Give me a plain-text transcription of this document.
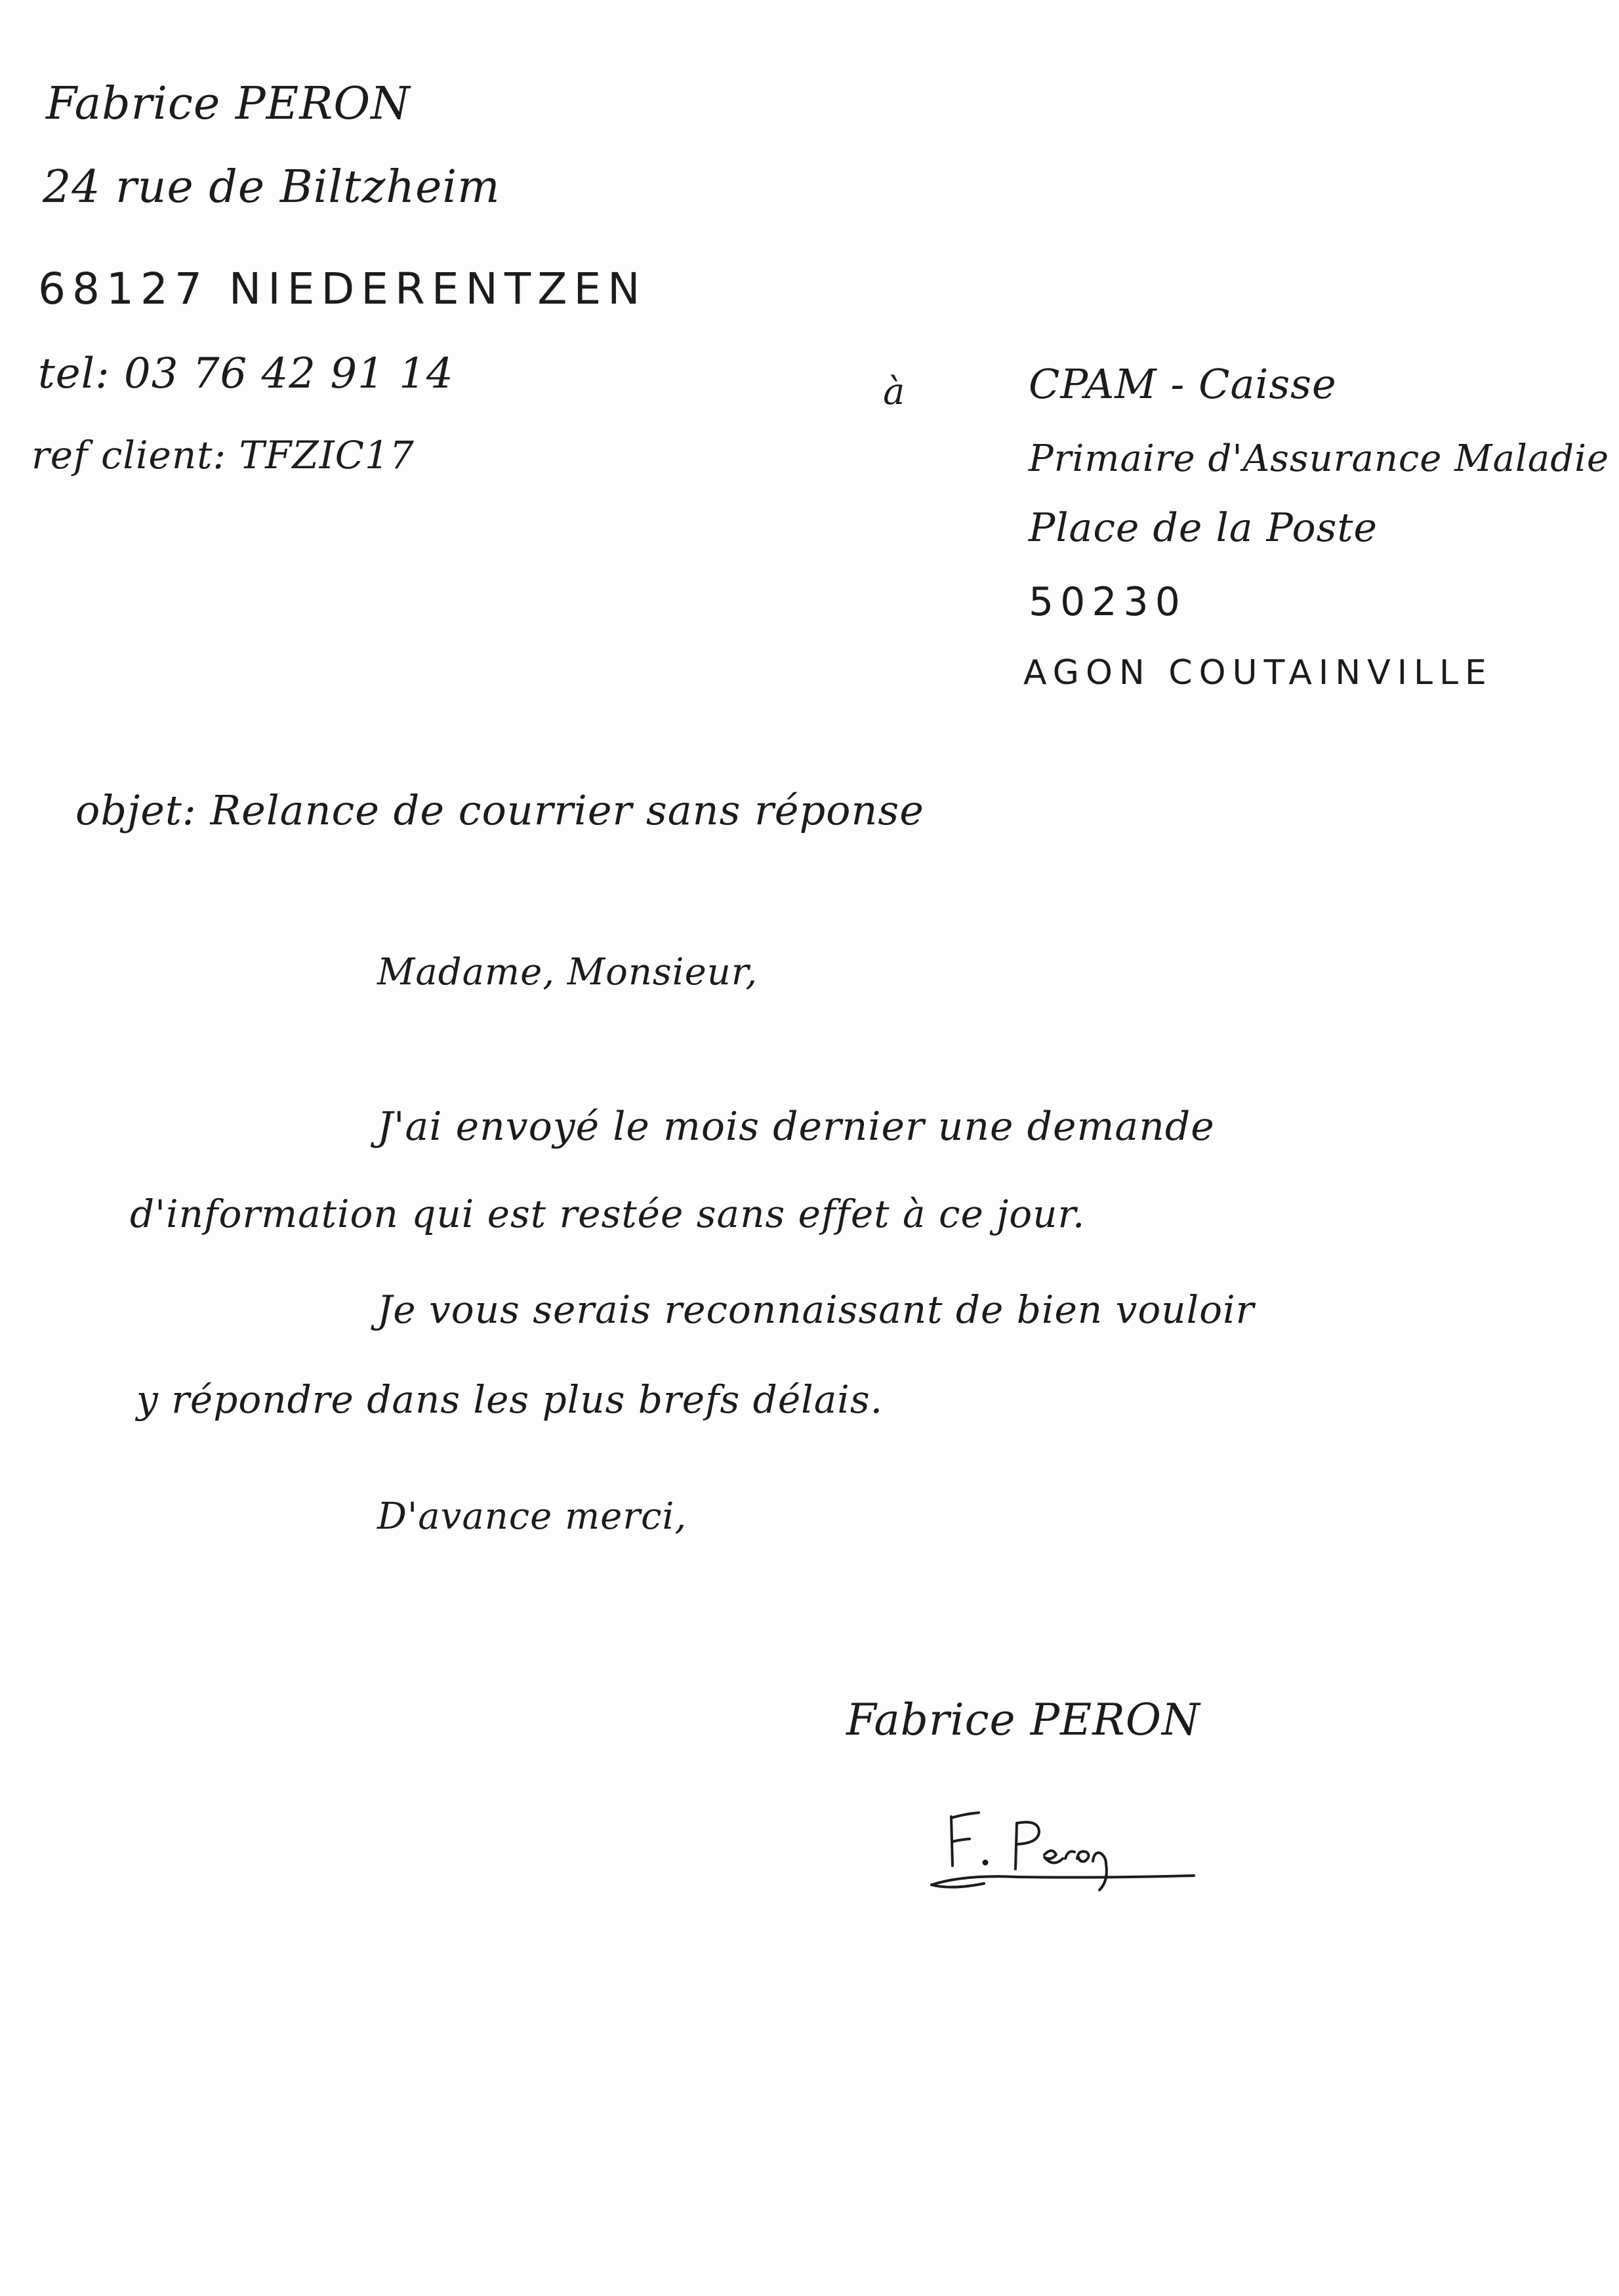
Fabrice PERON
24 rue de Biltzheim
68127 NIEDERENTZEN
tel: 03 76 42 91 14
ref client: TFZIC17
à	CPAM - Caisse
Primaire d'Assurance Maladie
Place de la Poste
50230
AGON COUTAINVILLE
objet: Relance de courrier sans réponse
Madame, Monsieur,
J'ai envoyé le mois dernier une demande
d'information qui est restée sans effet à ce jour.
Je vous serais reconnaissant de bien vouloir
y répondre dans les plus brefs délais.
D'avance merci,
Fabrice PERON
